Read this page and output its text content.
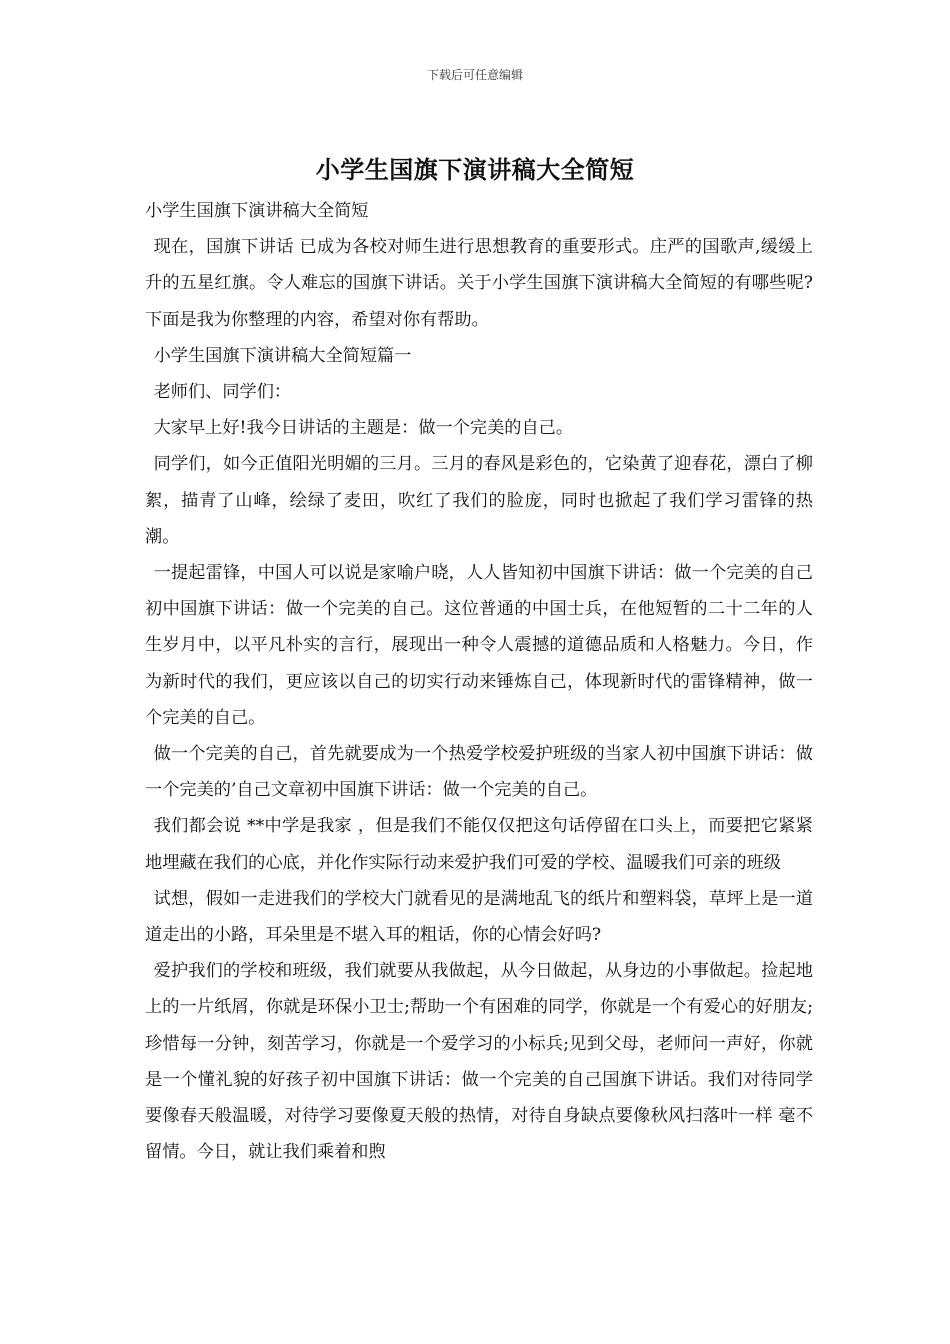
下载后可任意编辑
小学生国旗下演讲稿大全简短

小学生国旗下演讲稿大全简短

现在，国旗下讲话 已成为各校对师生进行思想教育的重要形式。庄严的国歌声,缓缓上升的五星红旗。令人难忘的国旗下讲话。关于小学生国旗下演讲稿大全简短的有哪些呢?下面是我为你整理的内容，希望对你有帮助。

小学生国旗下演讲稿大全简短篇一

老师们、同学们：

大家早上好!我今日讲话的主题是：做一个完美的自己。

同学们，如今正值阳光明媚的三月。三月的春风是彩色的，它染黄了迎春花，漂白了柳絮，描青了山峰，绘绿了麦田，吹红了我们的脸庞，同时也掀起了我们学习雷锋的热潮。

一提起雷锋，中国人可以说是家喻户晓，人人皆知初中国旗下讲话：做一个完美的自己初中国旗下讲话：做一个完美的自己。这位普通的中国士兵，在他短暂的二十二年的人生岁月中，以平凡朴实的言行，展现出一种令人震撼的道德品质和人格魅力。今日，作为新时代的我们，更应该以自己的切实行动来锤炼自己，体现新时代的雷锋精神，做一个完美的自己。

做一个完美的自己，首先就要成为一个热爱学校爱护班级的当家人初中国旗下讲话：做一个完美的’自己文章初中国旗下讲话：做一个完美的自己。

我们都会说 **中学是我家 ，但是我们不能仅仅把这句话停留在口头上，而要把它紧紧地埋藏在我们的心底，并化作实际行动来爱护我们可爱的学校、温暖我们可亲的班级

试想，假如一走进我们的学校大门就看见的是满地乱飞的纸片和塑料袋，草坪上是一道道走出的小路，耳朵里是不堪入耳的粗话，你的心情会好吗?

爱护我们的学校和班级，我们就要从我做起，从今日做起，从身边的小事做起。捡起地上的一片纸屑，你就是环保小卫士;帮助一个有困难的同学，你就是一个有爱心的好朋友;珍惜每一分钟，刻苦学习，你就是一个爱学习的小标兵;见到父母，老师问一声好，你就是一个懂礼貌的好孩子初中国旗下讲话：做一个完美的自己国旗下讲话。我们对待同学要像春天般温暖，对待学习要像夏天般的热情，对待自身缺点要像秋风扫落叶一样 毫不留情。今日，就让我们乘着和煦
